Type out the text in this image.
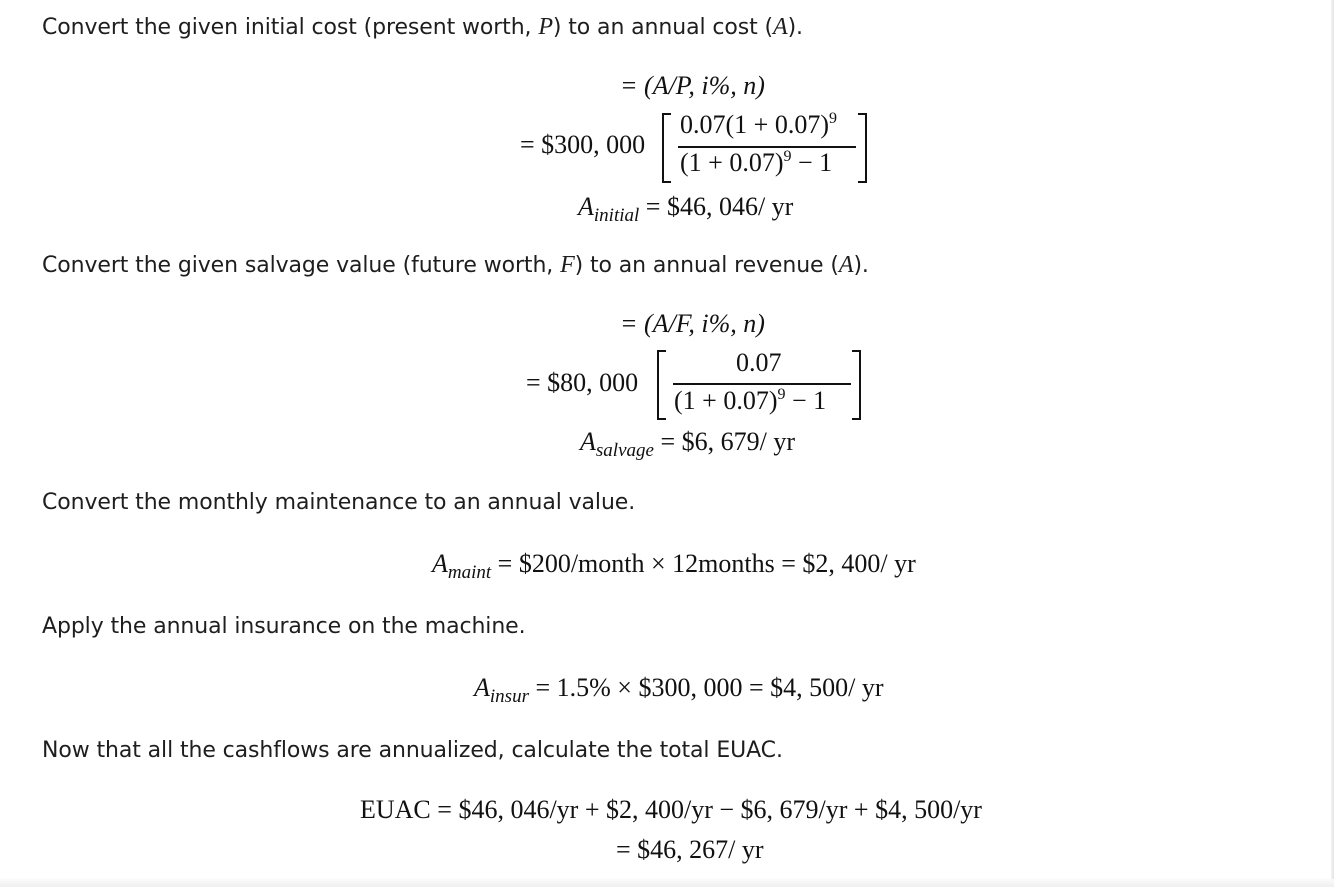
Convert the given initial cost (present worth, P) to an annual cost (A).
= (A/P, i%, n)
= $300, 000
$0.07(1 + 0.07)^9$
$(1 + 0.07)^9 - 1$
$A_{initial}$ = $46, 046/ yr
Convert the given salvage value (future worth, F) to an annual revenue (A).
= (A/F, i%, n)
= $80, 000
0.07
$(1 + 0.07)^9 - 1$
$A_{salvage}$ = $6, 679/ yr
Convert the monthly maintenance to an annual value.
$A_{maint}$ = $200/month × 12months = $2, 400/ yr
Apply the annual insurance on the machine.
$A_{insur} = 1.5\%$ × $300, 000 = $4, 500/ yr
Now that all the cashflows are annualized, calculate the total EUAC.
EUAC = $46, 046/yr + $2, 400/yr − $6, 679/yr + $4, 500/yr
= $46, 267/ yr
